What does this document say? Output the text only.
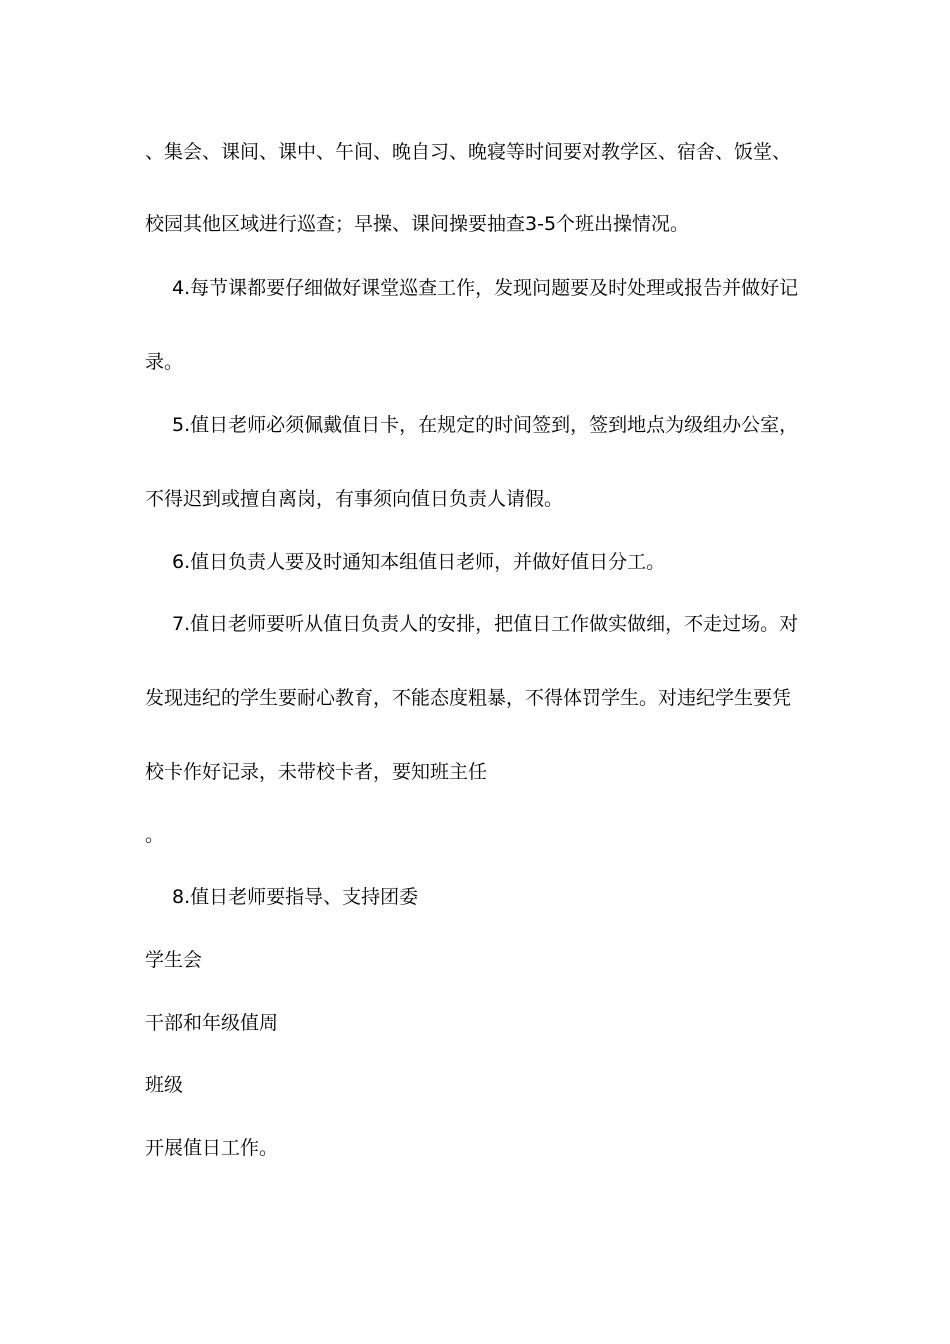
、集会、课间、课中、午间、晚自习、晚寝等时间要对教学区、宿舍、饭堂、
校园其他区域进行巡查；早操、课间操要抽查3-5个班出操情况。
4.每节课都要仔细做好课堂巡查工作，发现问题要及时处理或报告并做好记
录。
5.值日老师必须佩戴值日卡，在规定的时间签到，签到地点为级组办公室，
不得迟到或擅自离岗，有事须向值日负责人请假。
6.值日负责人要及时通知本组值日老师，并做好值日分工。
7.值日老师要听从值日负责人的安排，把值日工作做实做细，不走过场。对
发现违纪的学生要耐心教育，不能态度粗暴，不得体罚学生。对违纪学生要凭
校卡作好记录，未带校卡者，要知班主任
。
8.值日老师要指导、支持团委
学生会
干部和年级值周
班级
开展值日工作。
